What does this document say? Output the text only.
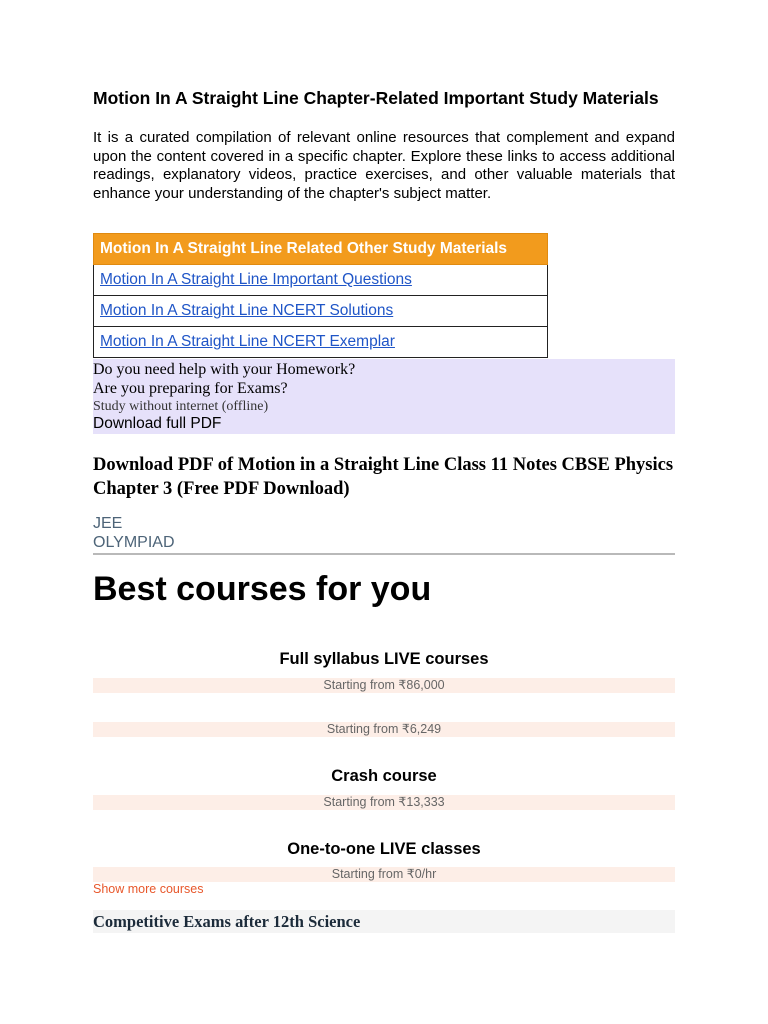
Motion In A Straight Line Chapter-Related Important Study Materials

It is a curated compilation of relevant online resources that complement and expand upon the content covered in a specific chapter. Explore these links to access additional readings, explanatory videos, practice exercises, and other valuable materials that enhance your understanding of the chapter's subject matter.

Motion In A Straight Line Related Other Study Materials
Motion In A Straight Line Important Questions
Motion In A Straight Line NCERT Solutions
Motion In A Straight Line NCERT Exemplar
Do you need help with your Homework?
Are you preparing for Exams?
Study without internet (offline)
Download full PDF
Download PDF of Motion in a Straight Line Class 11 Notes CBSE Physics Chapter 3 (Free PDF Download)
JEE
OLYMPIAD
Best courses for you
Full syllabus LIVE courses
Starting from ₹86,000
Starting from ₹6,249
Crash course
Starting from ₹13,333
One-to-one LIVE classes
Starting from ₹0/hr
Show more courses
Competitive Exams after 12th Science
